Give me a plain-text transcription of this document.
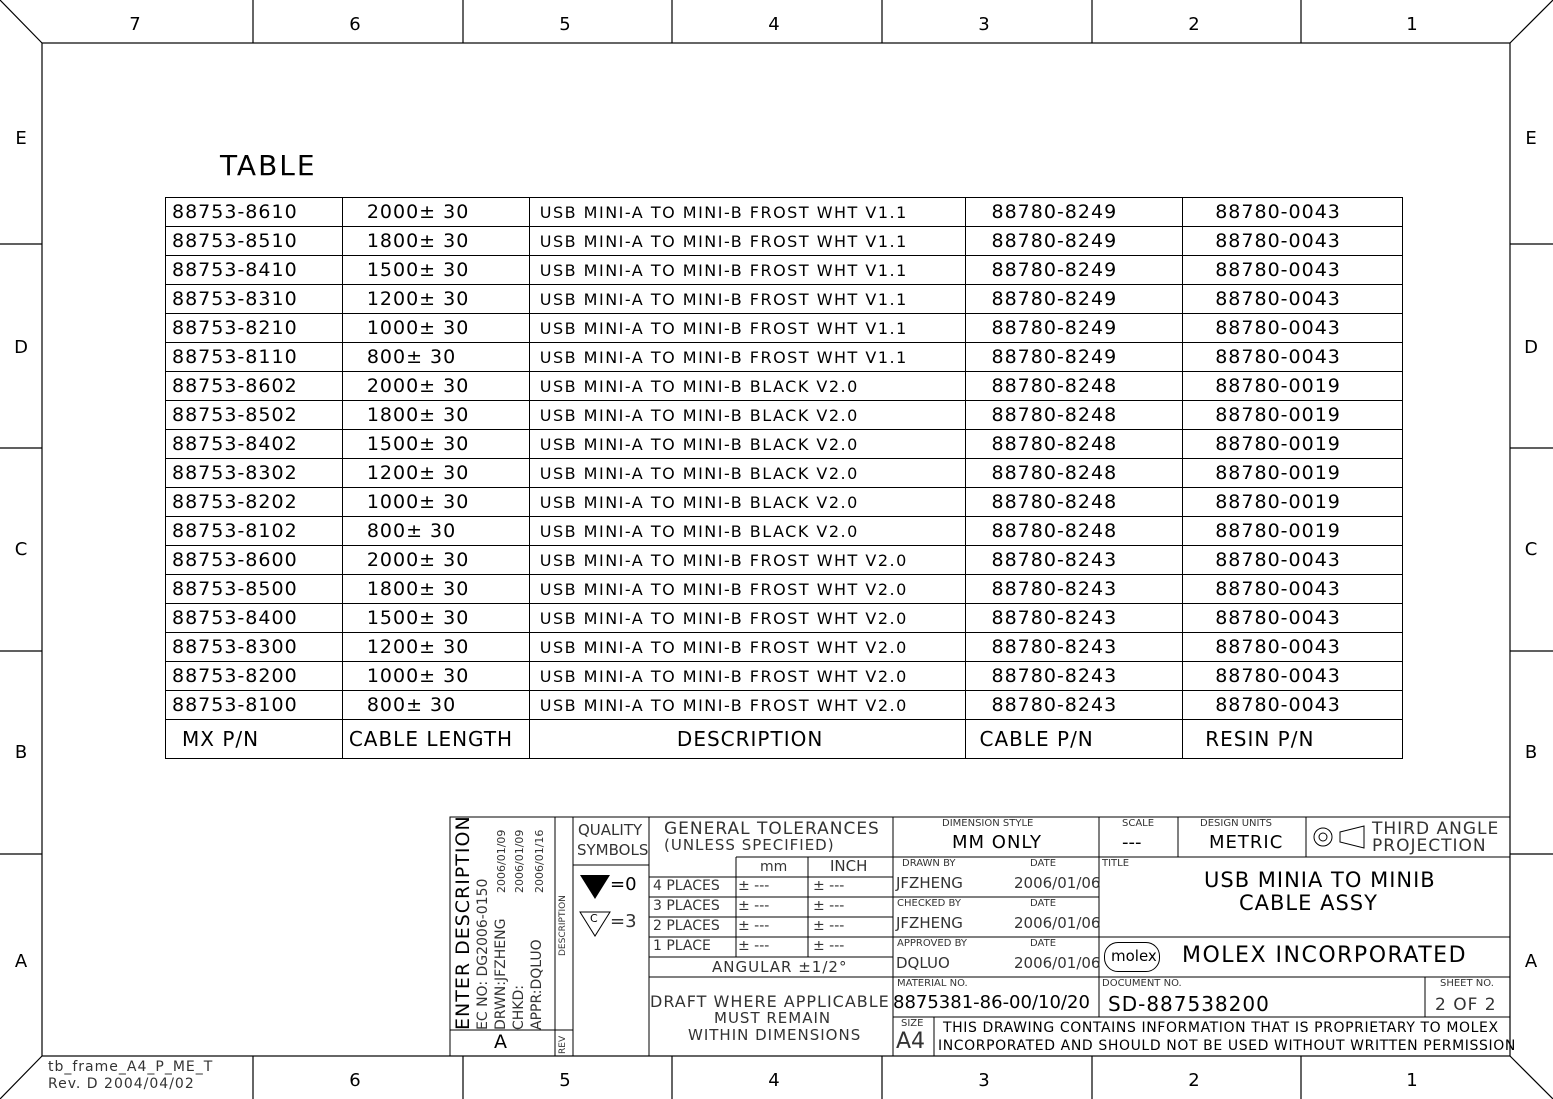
7	6	5	4	3	2	1
6	5	4	3	2	1
E
D
C
B
A
E
D
C
B
A
tb_frame_A4_P_ME_T
Rev. D 2004/04/02
TABLE
88753-8610	2000± 30	USB MINI-A TO MINI-B FROST WHT V1.1	88780-8249	88780-0043
88753-8510	1800± 30	USB MINI-A TO MINI-B FROST WHT V1.1	88780-8249	88780-0043
88753-8410	1500± 30	USB MINI-A TO MINI-B FROST WHT V1.1	88780-8249	88780-0043
88753-8310	1200± 30	USB MINI-A TO MINI-B FROST WHT V1.1	88780-8249	88780-0043
88753-8210	1000± 30	USB MINI-A TO MINI-B FROST WHT V1.1	88780-8249	88780-0043
88753-8110	800± 30	USB MINI-A TO MINI-B FROST WHT V1.1	88780-8249	88780-0043
88753-8602	2000± 30	USB MINI-A TO MINI-B BLACK V2.0	88780-8248	88780-0019
88753-8502	1800± 30	USB MINI-A TO MINI-B BLACK V2.0	88780-8248	88780-0019
88753-8402	1500± 30	USB MINI-A TO MINI-B BLACK V2.0	88780-8248	88780-0019
88753-8302	1200± 30	USB MINI-A TO MINI-B BLACK V2.0	88780-8248	88780-0019
88753-8202	1000± 30	USB MINI-A TO MINI-B BLACK V2.0	88780-8248	88780-0019
88753-8102	800± 30	USB MINI-A TO MINI-B BLACK V2.0	88780-8248	88780-0019
88753-8600	2000± 30	USB MINI-A TO MINI-B FROST WHT V2.0	88780-8243	88780-0043
88753-8500	1800± 30	USB MINI-A TO MINI-B FROST WHT V2.0	88780-8243	88780-0043
88753-8400	1500± 30	USB MINI-A TO MINI-B FROST WHT V2.0	88780-8243	88780-0043
88753-8300	1200± 30	USB MINI-A TO MINI-B FROST WHT V2.0	88780-8243	88780-0043
88753-8200	1000± 30	USB MINI-A TO MINI-B FROST WHT V2.0	88780-8243	88780-0043
88753-8100	800± 30	USB MINI-A TO MINI-B FROST WHT V2.0	88780-8243	88780-0043
MX P/N	CABLE LENGTH	DESCRIPTION	CABLE P/N	RESIN P/N
ENTER DESCRIPTION EC NO: DG2006-0150 DRWN:JFZHENG CHKD: APPR:DQLUO
2006/01/09 2006/01/09 2006/01/16
DESCRIPTION
REV
A
QUALITY
SYMBOLS
=0
C =3
GENERAL TOLERANCES
(UNLESS SPECIFIED)
mm	INCH
4 PLACES ± ---	± ---
3 PLACES ± ---	± ---
2 PLACES ± ---	± ---
1 PLACE ± ---	± ---
ANGULAR ±1/2°
DRAFT WHERE APPLICABLE
MUST REMAIN
WITHIN DIMENSIONS
DIMENSION STYLE
MM ONLY
SCALE
---
DESIGN UNITS
METRIC
THIRD ANGLE
PROJECTION
DRAWN BY	DATE
JFZHENG	2006/01/06
CHECKED BY	DATE
JFZHENG	2006/01/06
APPROVED BY	DATE
DQLUO	2006/01/06
TITLE
USB MINIA TO MINIB
CABLE ASSY
molex MOLEX INCORPORATED
MATERIAL NO.
8875381-86-00/10/20
DOCUMENT NO.
SD-887538200
SHEET NO.
2 OF 2
SIZE
A4
THIS DRAWING CONTAINS INFORMATION THAT IS PROPRIETARY TO MOLEX
INCORPORATED AND SHOULD NOT BE USED WITHOUT WRITTEN PERMISSION
